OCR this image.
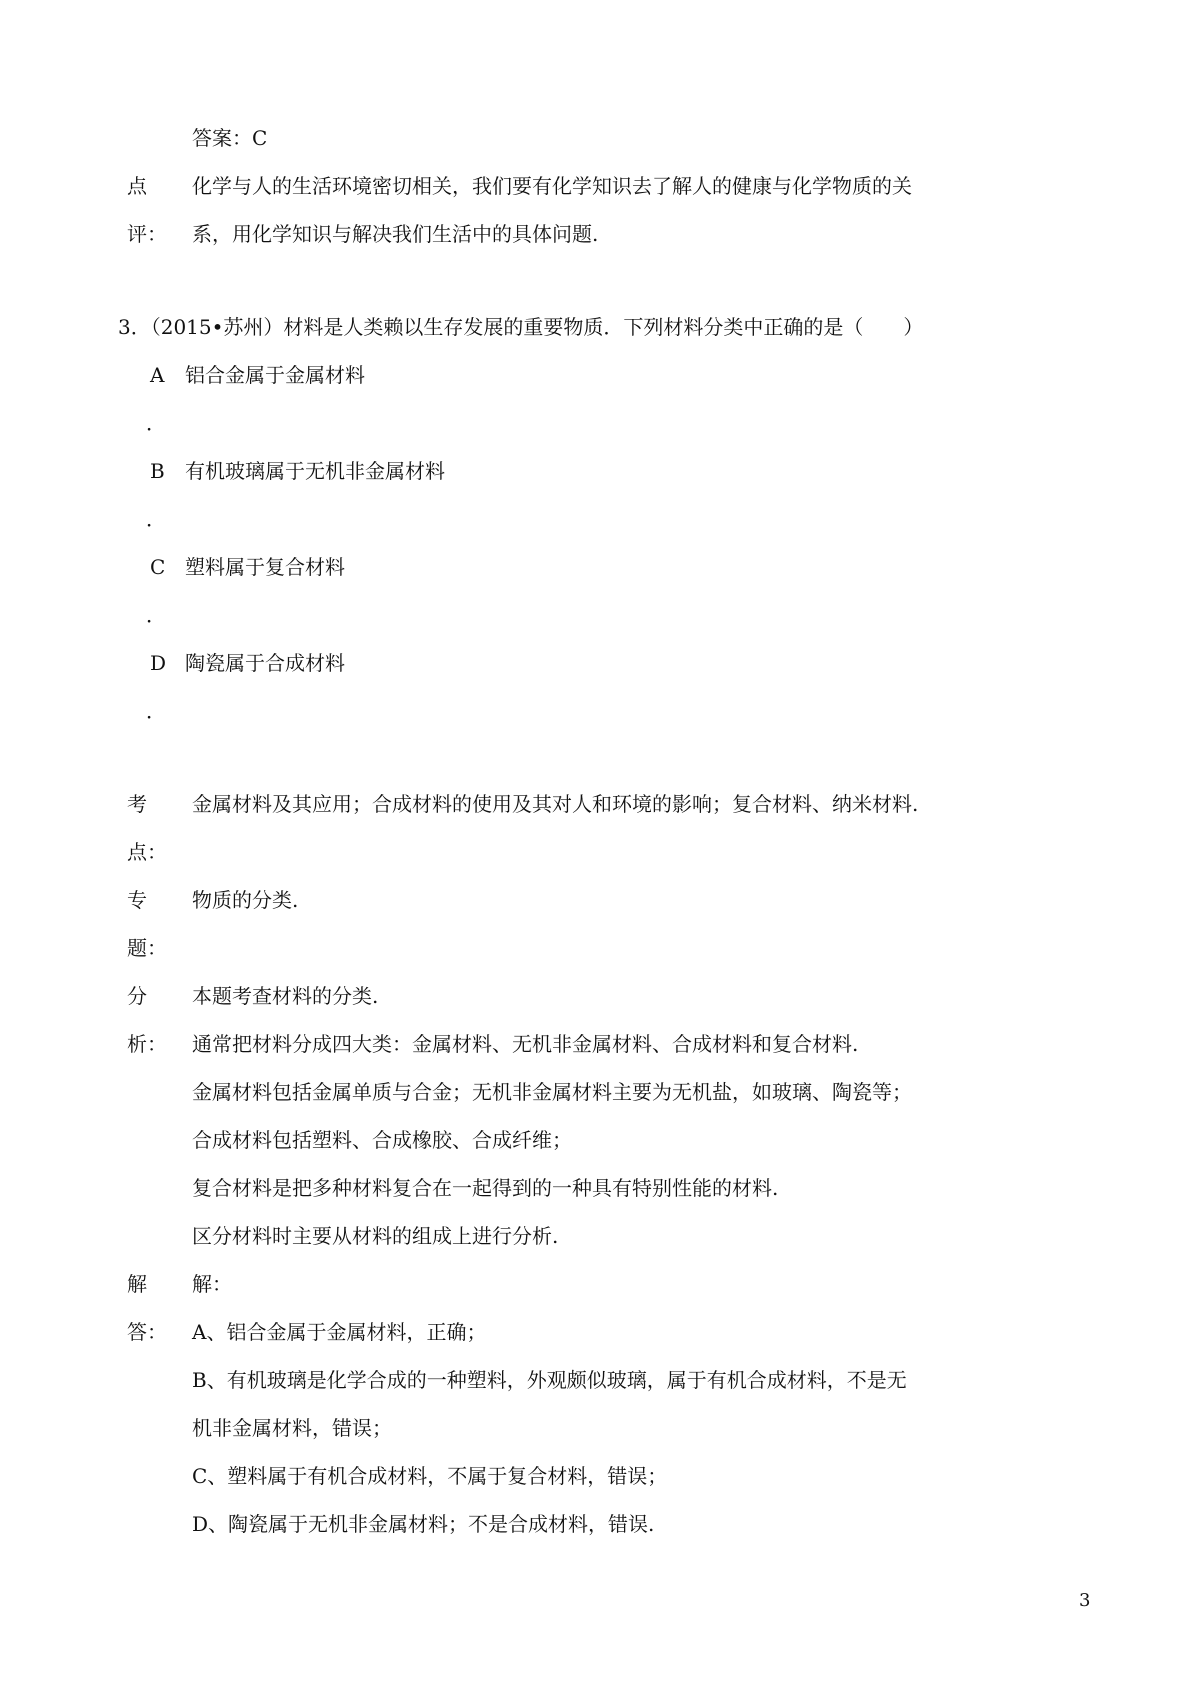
答案：C
点 化学与人的生活环境密切相关，我们要有化学知识去了解人的健康与化学物质的关
评： 系，用化学知识与解决我们生活中的具体问题.
3．（2015•苏州）材料是人类赖以生存发展的重要物质．下列材料分类中正确的是（　　）
A 铝合金属于金属材料
．
B 有机玻璃属于无机非金属材料
．
C 塑料属于复合材料
．
D 陶瓷属于合成材料
．
考 金属材料及其应用；合成材料的使用及其对人和环境的影响；复合材料、纳米材料.
点：
专 物质的分类.
题：
分 本题考查材料的分类.
析： 通常把材料分成四大类：金属材料、无机非金属材料、合成材料和复合材料.
金属材料包括金属单质与合金；无机非金属材料主要为无机盐，如玻璃、陶瓷等；
合成材料包括塑料、合成橡胶、合成纤维；
复合材料是把多种材料复合在一起得到的一种具有特别性能的材料.
区分材料时主要从材料的组成上进行分析.
解 解：
答： A、铝合金属于金属材料，正确；
B、有机玻璃是化学合成的一种塑料，外观颇似玻璃，属于有机合成材料，不是无
机非金属材料，错误；
C、塑料属于有机合成材料，不属于复合材料，错误；
D、陶瓷属于无机非金属材料；不是合成材料，错误.
3
